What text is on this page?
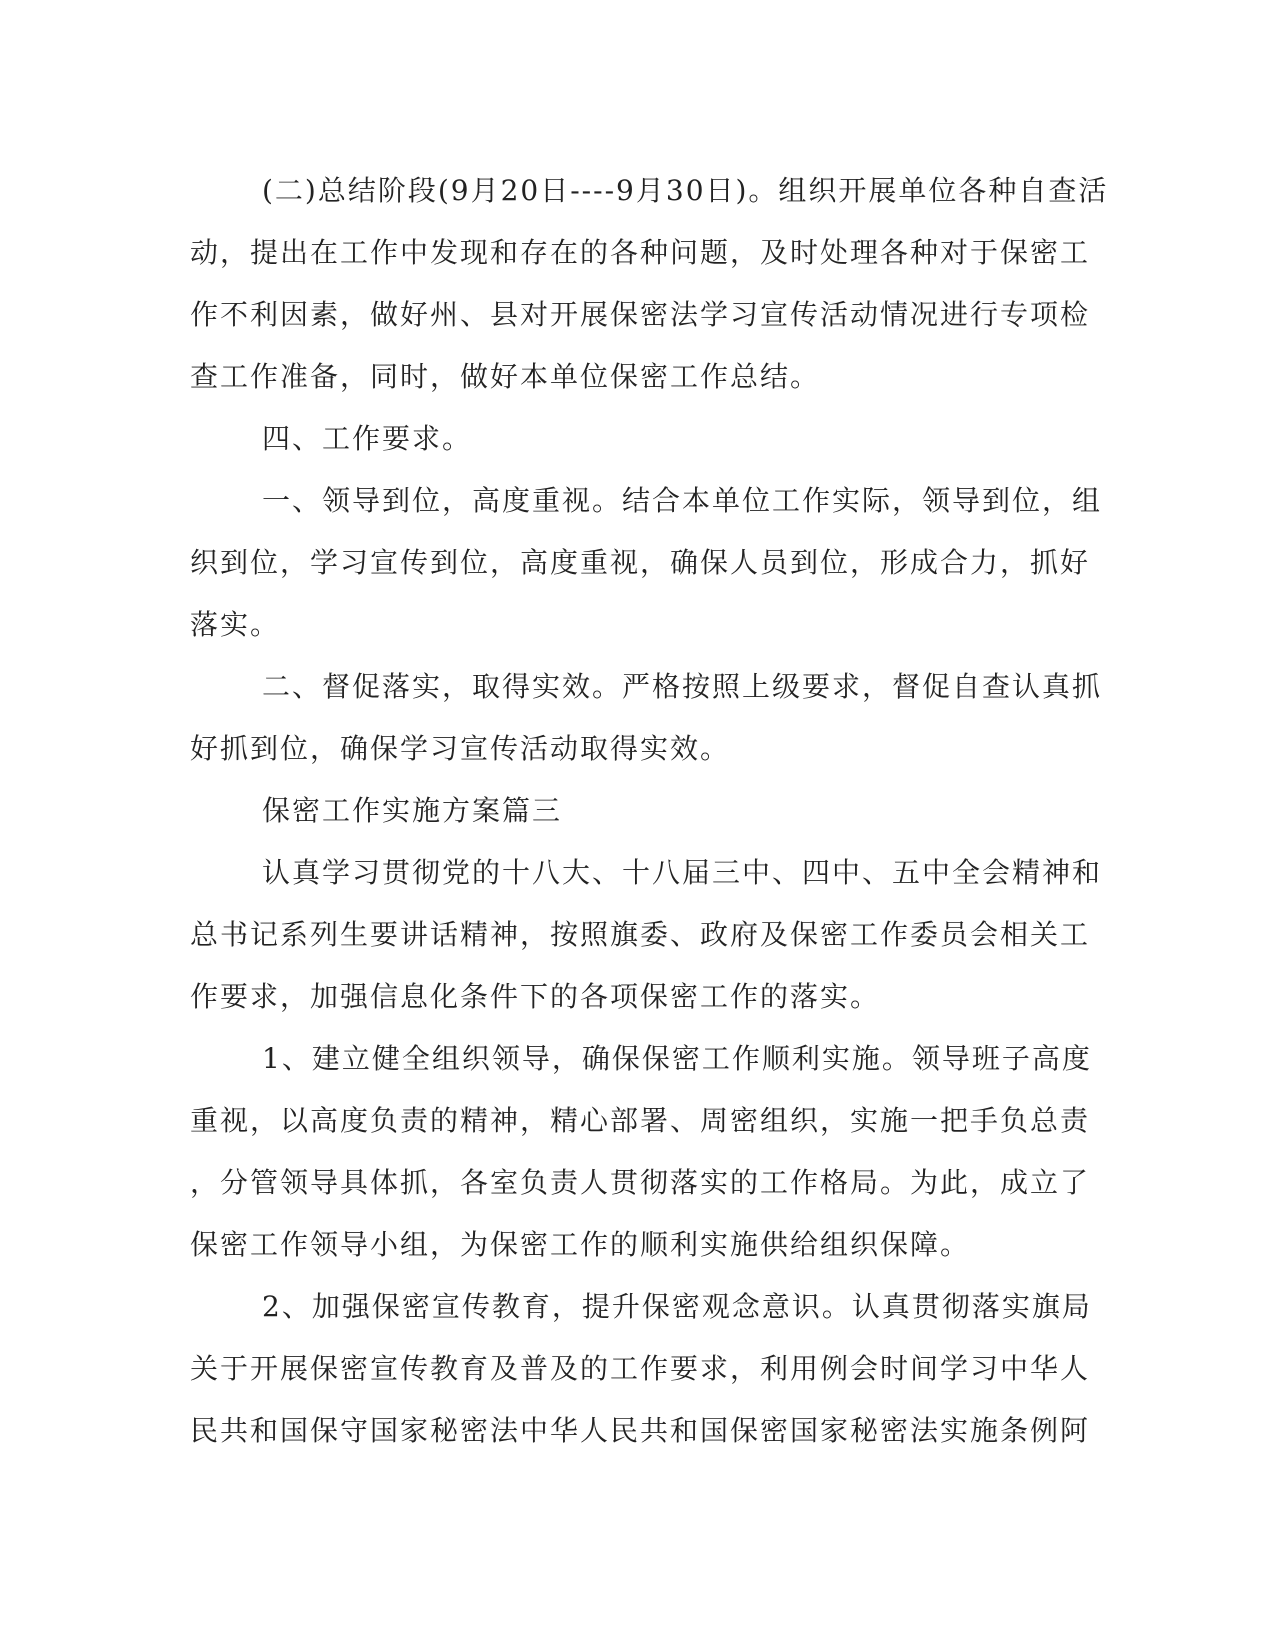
(二)总结阶段(9月20日----9月30日)。组织开展单位各种自查活
动，提出在工作中发现和存在的各种问题，及时处理各种对于保密工
作不利因素，做好州、县对开展保密法学习宣传活动情况进行专项检
查工作准备，同时，做好本单位保密工作总结。
四、工作要求。
一、领导到位，高度重视。结合本单位工作实际，领导到位，组
织到位，学习宣传到位，高度重视，确保人员到位，形成合力，抓好
落实。
二、督促落实，取得实效。严格按照上级要求，督促自查认真抓
好抓到位，确保学习宣传活动取得实效。
保密工作实施方案篇三
认真学习贯彻党的十八大、十八届三中、四中、五中全会精神和
总书记系列生要讲话精神，按照旗委、政府及保密工作委员会相关工
作要求，加强信息化条件下的各项保密工作的落实。
1、建立健全组织领导，确保保密工作顺利实施。领导班子高度
重视，以高度负责的精神，精心部署、周密组织，实施一把手负总责
，分管领导具体抓，各室负责人贯彻落实的工作格局。为此，成立了
保密工作领导小组，为保密工作的顺利实施供给组织保障。
2、加强保密宣传教育，提升保密观念意识。认真贯彻落实旗局
关于开展保密宣传教育及普及的工作要求，利用例会时间学习中华人
民共和国保守国家秘密法中华人民共和国保密国家秘密法实施条例阿
